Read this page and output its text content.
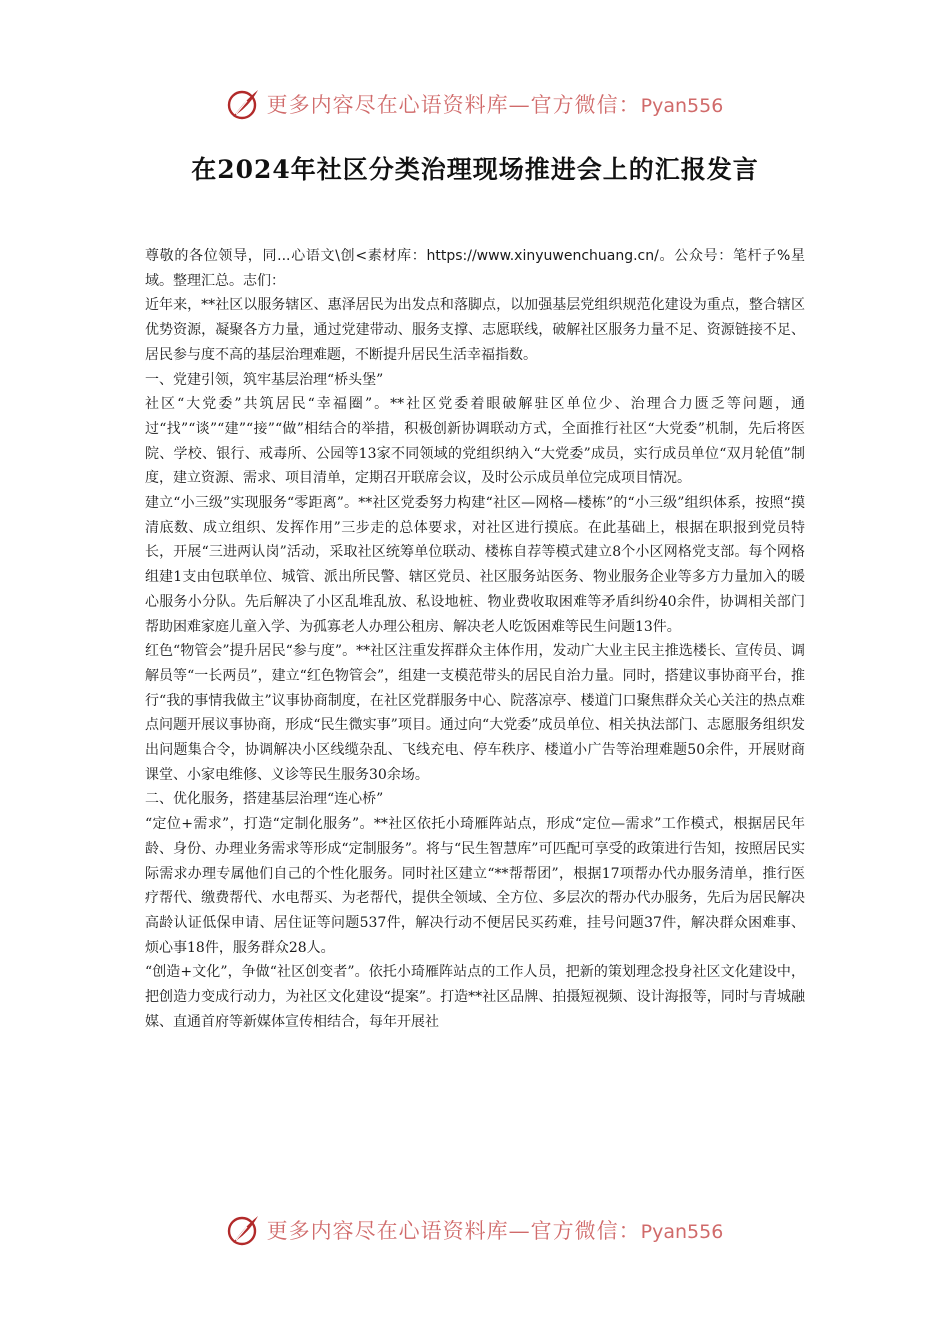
更多内容尽在心语资料库—官方微信：Pyan556
在2024年社区分类治理现场推进会上的汇报发言

尊敬的各位领导，同...心语文\创<素材库：https://www.xinyuwenchuang.cn/。公众号：笔杆子%星域。整理汇总。志们：

近年来，**社区以服务辖区、惠泽居民为出发点和落脚点，以加强基层党组织规范化建设为重点，整合辖区优势资源，凝聚各方力量，通过党建带动、服务支撑、志愿联线，破解社区服务力量不足、资源链接不足、居民参与度不高的基层治理难题，不断提升居民生活幸福指数。

一、党建引领，筑牢基层治理“桥头堡”

社区“大党委”共筑居民“幸福圈”。**社区党委着眼破解驻区单位少、治理合力匮乏等问题，通过“找”“谈”“建”“接”“做”相结合的举措，积极创新协调联动方式，全面推行社区“大党委”机制，先后将医院、学校、银行、戒毒所、公园等13家不同领域的党组织纳入“大党委”成员，实行成员单位“双月轮值”制度，建立资源、需求、项目清单，定期召开联席会议，及时公示成员单位完成项目情况。

建立“小三级”实现服务“零距离”。**社区党委努力构建“社区—网格—楼栋”的“小三级”组织体系，按照“摸清底数、成立组织、发挥作用”三步走的总体要求，对社区进行摸底。在此基础上，根据在职报到党员特长，开展“三进两认岗”活动，采取社区统筹单位联动、楼栋自荐等模式建立8个小区网格党支部。每个网格组建1支由包联单位、城管、派出所民警、辖区党员、社区服务站医务、物业服务企业等多方力量加入的暖心服务小分队。先后解决了小区乱堆乱放、私设地桩、物业费收取困难等矛盾纠纷40余件，协调相关部门帮助困难家庭儿童入学、为孤寡老人办理公租房、解决老人吃饭困难等民生问题13件。

红色“物管会”提升居民“参与度”。**社区注重发挥群众主体作用，发动广大业主民主推选楼长、宣传员、调解员等“一长两员”，建立“红色物管会”，组建一支模范带头的居民自治力量。同时，搭建议事协商平台，推行“我的事情我做主”议事协商制度，在社区党群服务中心、院落凉亭、楼道门口聚焦群众关心关注的热点难点问题开展议事协商，形成“民生微实事”项目。通过向“大党委”成员单位、相关执法部门、志愿服务组织发出问题集合令，协调解决小区线缆杂乱、飞线充电、停车秩序、楼道小广告等治理难题50余件，开展财商课堂、小家电维修、义诊等民生服务30余场。

二、优化服务，搭建基层治理“连心桥”

“定位+需求”，打造“定制化服务”。**社区依托小琦雁阵站点，形成“定位—需求”工作模式，根据居民年龄、身份、办理业务需求等形成“定制服务”。将与“民生智慧库”可匹配可享受的政策进行告知，按照居民实际需求办理专属他们自己的个性化服务。同时社区建立“**帮帮团”，根据17项帮办代办服务清单，推行医疗帮代、缴费帮代、水电帮买、为老帮代，提供全领域、全方位、多层次的帮办代办服务，先后为居民解决高龄认证低保申请、居住证等问题537件，解决行动不便居民买药难，挂号问题37件，解决群众困难事、烦心事18件，服务群众28人。

“创造+文化”，争做“社区创变者”。依托小琦雁阵站点的工作人员，把新的策划理念投身社区文化建设中，把创造力变成行动力，为社区文化建设“提案”。打造**社区品牌、拍摄短视频、设计海报等，同时与青城融媒、直通首府等新媒体宣传相结合，每年开展社

更多内容尽在心语资料库—官方微信：Pyan556
